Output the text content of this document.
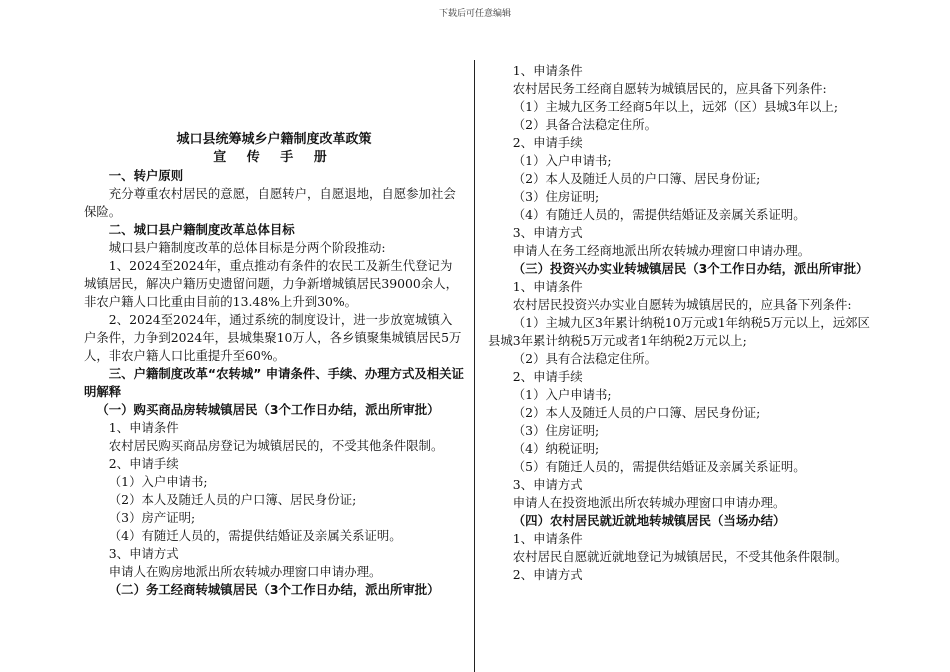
下载后可任意编辑

城口县统筹城乡户籍制度改革政策

宣 传 手 册

一、转户原则

充分尊重农村居民的意愿，自愿转户，自愿退地，自愿参加社会保险。

二、城口县户籍制度改革总体目标

城口县户籍制度改革的总体目标是分两个阶段推动:

1、2024至2024年，重点推动有条件的农民工及新生代登记为城镇居民，解决户籍历史遗留问题，力争新增城镇居民39000余人，非农户籍人口比重由目前的13.48%上升到30%。

2、2024至2024年，通过系统的制度设计，进一步放宽城镇入户条件，力争到2024年，县城集聚10万人，各乡镇聚集城镇居民5万人，非农户籍人口比重提升至60%。

三、户籍制度改革“农转城” 申请条件、手续、办理方式及相关证明解释

（一）购买商品房转城镇居民（3个工作日办结，派出所审批）

1、申请条件

农村居民购买商品房登记为城镇居民的，不受其他条件限制。

2、申请手续

（1）入户申请书;

（2）本人及随迁人员的户口簿、居民身份证;

（3）房产证明;

（4）有随迁人员的，需提供结婚证及亲属关系证明。

3、申请方式

申请人在购房地派出所农转城办理窗口申请办理。

（二）务工经商转城镇居民（3个工作日办结，派出所审批）

1、申请条件

农村居民务工经商自愿转为城镇居民的，应具备下列条件:

（1）主城九区务工经商5年以上，远郊（区）县城3年以上;

（2）具备合法稳定住所。

2、申请手续

（1）入户申请书;

（2）本人及随迁人员的户口簿、居民身份证;

（3）住房证明;

（4）有随迁人员的，需提供结婚证及亲属关系证明。

3、申请方式

申请人在务工经商地派出所农转城办理窗口申请办理。

（三）投资兴办实业转城镇居民（3个工作日办结，派出所审批）

1、申请条件

农村居民投资兴办实业自愿转为城镇居民的，应具备下列条件:

（1）主城九区3年累计纳税10万元或1年纳税5万元以上，远郊区县城3年累计纳税5万元或者1年纳税2万元以上;

（2）具有合法稳定住所。

2、申请手续

（1）入户申请书;

（2）本人及随迁人员的户口簿、居民身份证;

（3）住房证明;

（4）纳税证明;

（5）有随迁人员的，需提供结婚证及亲属关系证明。

3、申请方式

申请人在投资地派出所农转城办理窗口申请办理。

（四）农村居民就近就地转城镇居民（当场办结）

1、申请条件

农村居民自愿就近就地登记为城镇居民，不受其他条件限制。

2、申请方式
